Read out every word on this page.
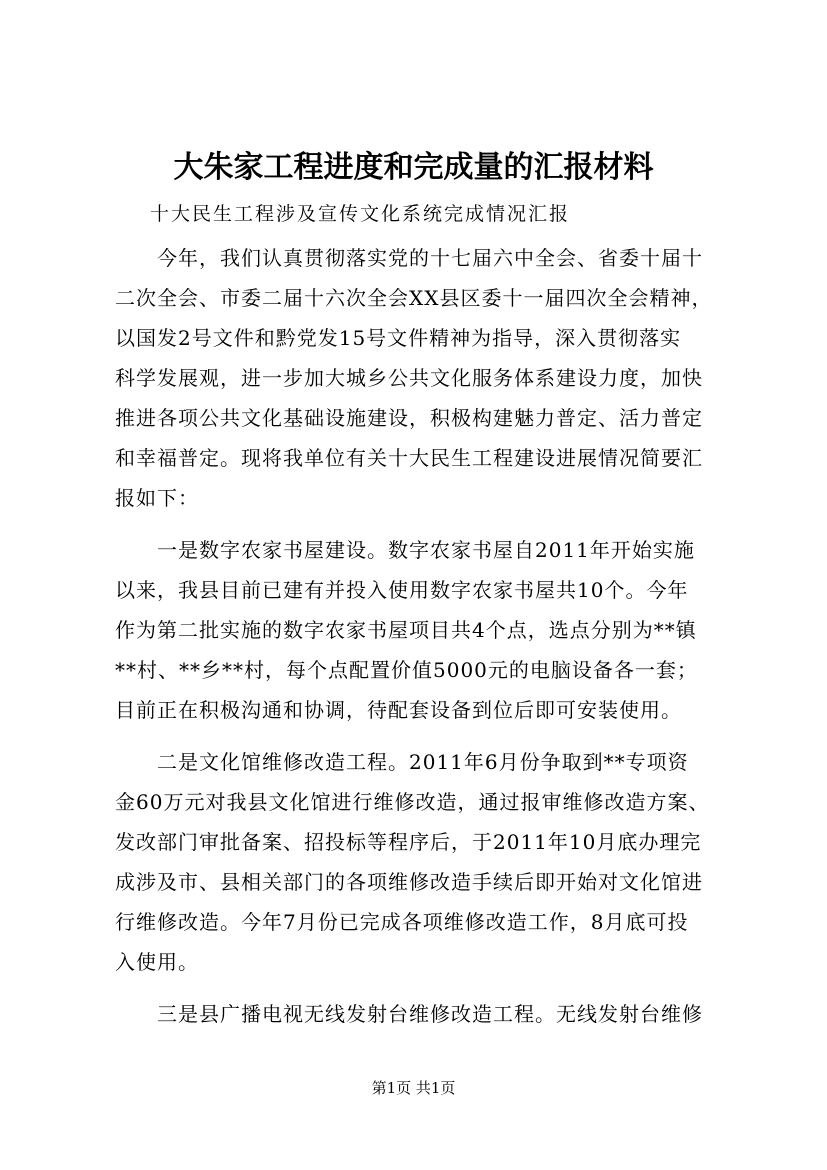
大朱家工程进度和完成量的汇报材料
十大民生工程涉及宣传文化系统完成情况汇报
今年，我们认真贯彻落实党的十七届六中全会、省委十届十
二次全会、市委二届十六次全会XX县区委十一届四次全会精神，
以国发2号文件和黔党发15号文件精神为指导，深入贯彻落实
科学发展观，进一步加大城乡公共文化服务体系建设力度，加快
推进各项公共文化基础设施建设，积极构建魅力普定、活力普定
和幸福普定。现将我单位有关十大民生工程建设进展情况简要汇
报如下：
一是数字农家书屋建设。数字农家书屋自2011年开始实施
以来，我县目前已建有并投入使用数字农家书屋共10个。今年
作为第二批实施的数字农家书屋项目共4个点，选点分别为**镇
**村、**乡**村，每个点配置价值5000元的电脑设备各一套；
目前正在积极沟通和协调，待配套设备到位后即可安装使用。
二是文化馆维修改造工程。2011年6月份争取到**专项资
金60万元对我县文化馆进行维修改造，通过报审维修改造方案、
发改部门审批备案、招投标等程序后，于2011年10月底办理完
成涉及市、县相关部门的各项维修改造手续后即开始对文化馆进
行维修改造。今年7月份已完成各项维修改造工作，8月底可投
入使用。
三是县广播电视无线发射台维修改造工程。无线发射台维修
第1页 共1页
